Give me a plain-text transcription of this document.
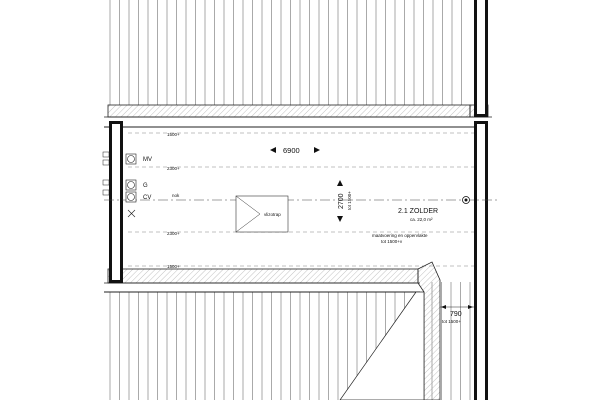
1500+
2300+
2300+
1500+
nok
MV
G
CV
6900
2700 tot 1500+
vlizotrap	2.1 ZOLDER
ca. 22,0 m²
maatvoering en oppervlakte
tot 1500+v
790
tot 1500+
